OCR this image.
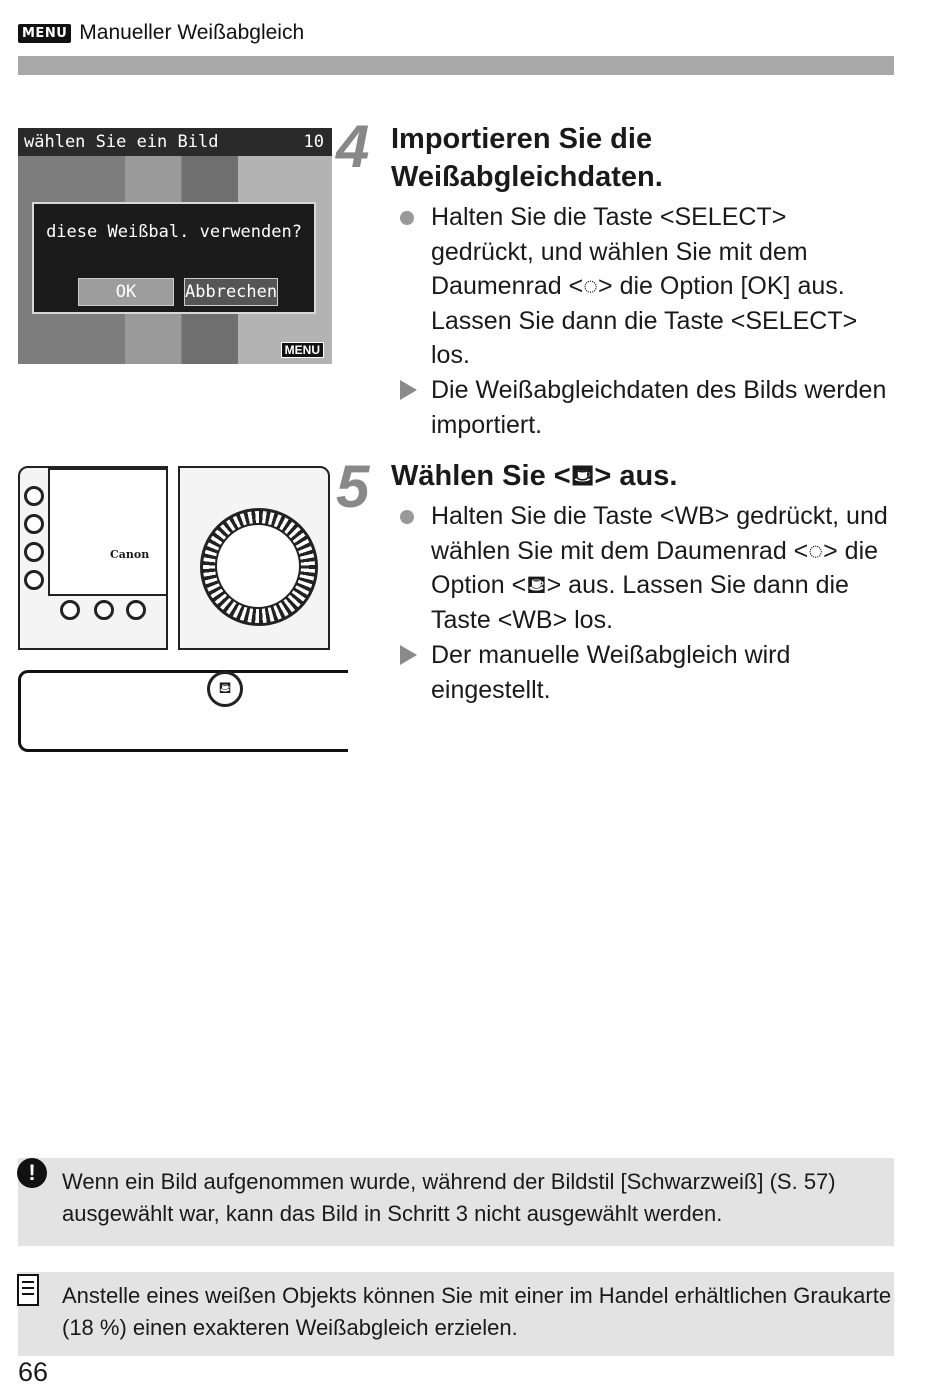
MENU Manueller Weißabgleich
wählen Sie ein Bild	10
diese Weißbal. verwenden?
OK	Abbrechen
MENU
Canon
⛾
4 Importieren Sie die Weißabgleichdaten.
Halten Sie die Taste <SELECT> gedrückt, und wählen Sie mit dem Daumenrad <◌> die Option [OK] aus. Lassen Sie dann die Taste <SELECT> los.
Die Weißabgleichdaten des Bilds werden importiert.
5 Wählen Sie <⛾> aus.
Halten Sie die Taste <WB> gedrückt, und wählen Sie mit dem Daumenrad <◌> die Option <⛾> aus. Lassen Sie dann die Taste <WB> los.
Der manuelle Weißabgleich wird eingestellt.
!	Wenn ein Bild aufgenommen wurde, während der Bildstil [Schwarzweiß] (S. 57) ausgewählt war, kann das Bild in Schritt 3 nicht ausgewählt werden.
Anstelle eines weißen Objekts können Sie mit einer im Handel erhältlichen Graukarte (18 %) einen exakteren Weißabgleich erzielen.
66
